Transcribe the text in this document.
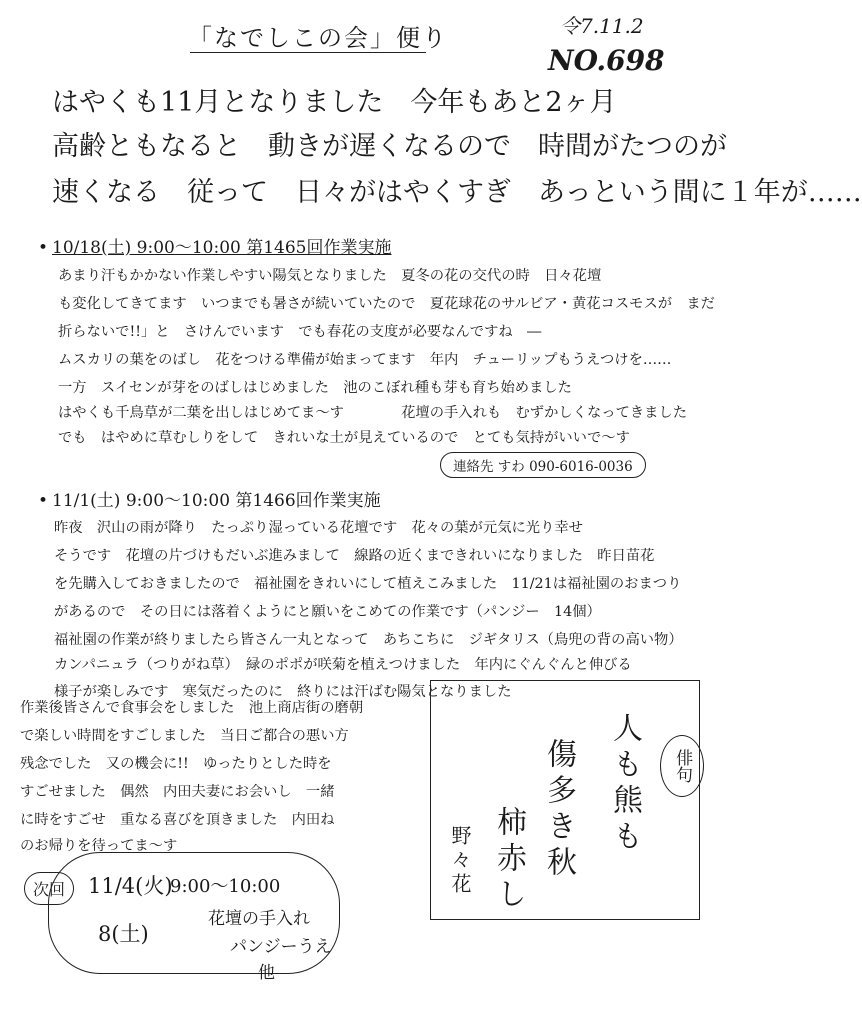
「なでしこの会」便り	令7.11.2
NO.698
はやくも11月となりました　今年もあと2ヶ月
高齢ともなると　動きが遅くなるので　時間がたつのが
速くなる　従って　日々がはやくすぎ　あっという間に１年が……
• 10/18(土) 9:00〜10:00 第1465回作業実施
あまり汗もかかない作業しやすい陽気となりました　夏冬の花の交代の時　日々花壇
も変化してきてます　いつまでも暑さが続いていたので　夏花球花のサルビア・黄花コスモスが　まだ
折らないで!!」と　さけんでいます　でも春花の支度が必要なんですね　―
ムスカリの葉をのばし　花をつける準備が始まってます　年内　チューリップもうえつけを……
一方　スイセンが芽をのばしはじめました　池のこぼれ種も芽も育ち始めました
はやくも千鳥草が二葉を出しはじめてま〜す　　　　花壇の手入れも　むずかしくなってきました
でも　はやめに草むしりをして　きれいな土が見えているので　とても気持がいいで〜す
連絡先 すわ 090-6016-0036
• 11/1(土) 9:00〜10:00 第1466回作業実施
昨夜　沢山の雨が降り　たっぷり湿っている花壇です　花々の葉が元気に光り幸せ
そうです　花壇の片づけもだいぶ進みまして　線路の近くまできれいになりました　昨日苗花
を先購入しておきましたので　福祉園をきれいにして植えこみました　11/21は福祉園のおまつり
があるので　その日には落着くようにと願いをこめての作業です（パンジー　14個）
福祉園の作業が終りましたら皆さん一丸となって　あちこちに　ジギタリス（鳥兜の背の高い物）
カンパニュラ（つりがね草）　緑のポポが咲菊を植えつけました　年内にぐんぐんと伸びる
様子が楽しみです　寒気だったのに　終りには汗ばむ陽気となりました
作業後皆さんで食事会をしました　池上商店街の磨朝
で楽しい時間をすごしました　当日ご都合の悪い方
残念でした　又の機会に!!　ゆったりとした時を
すごせました　偶然　内田夫妻にお会いし　一緒
に時をすごせ　重なる喜びを頂きました　内田ね
のお帰りを待ってま〜す
俳句
人も熊も
傷多き秋
柿赤し
野々花
次回	11/4(火)
8(土)
9:00〜10:00
花壇の手入れ
パンジーうえ
他
